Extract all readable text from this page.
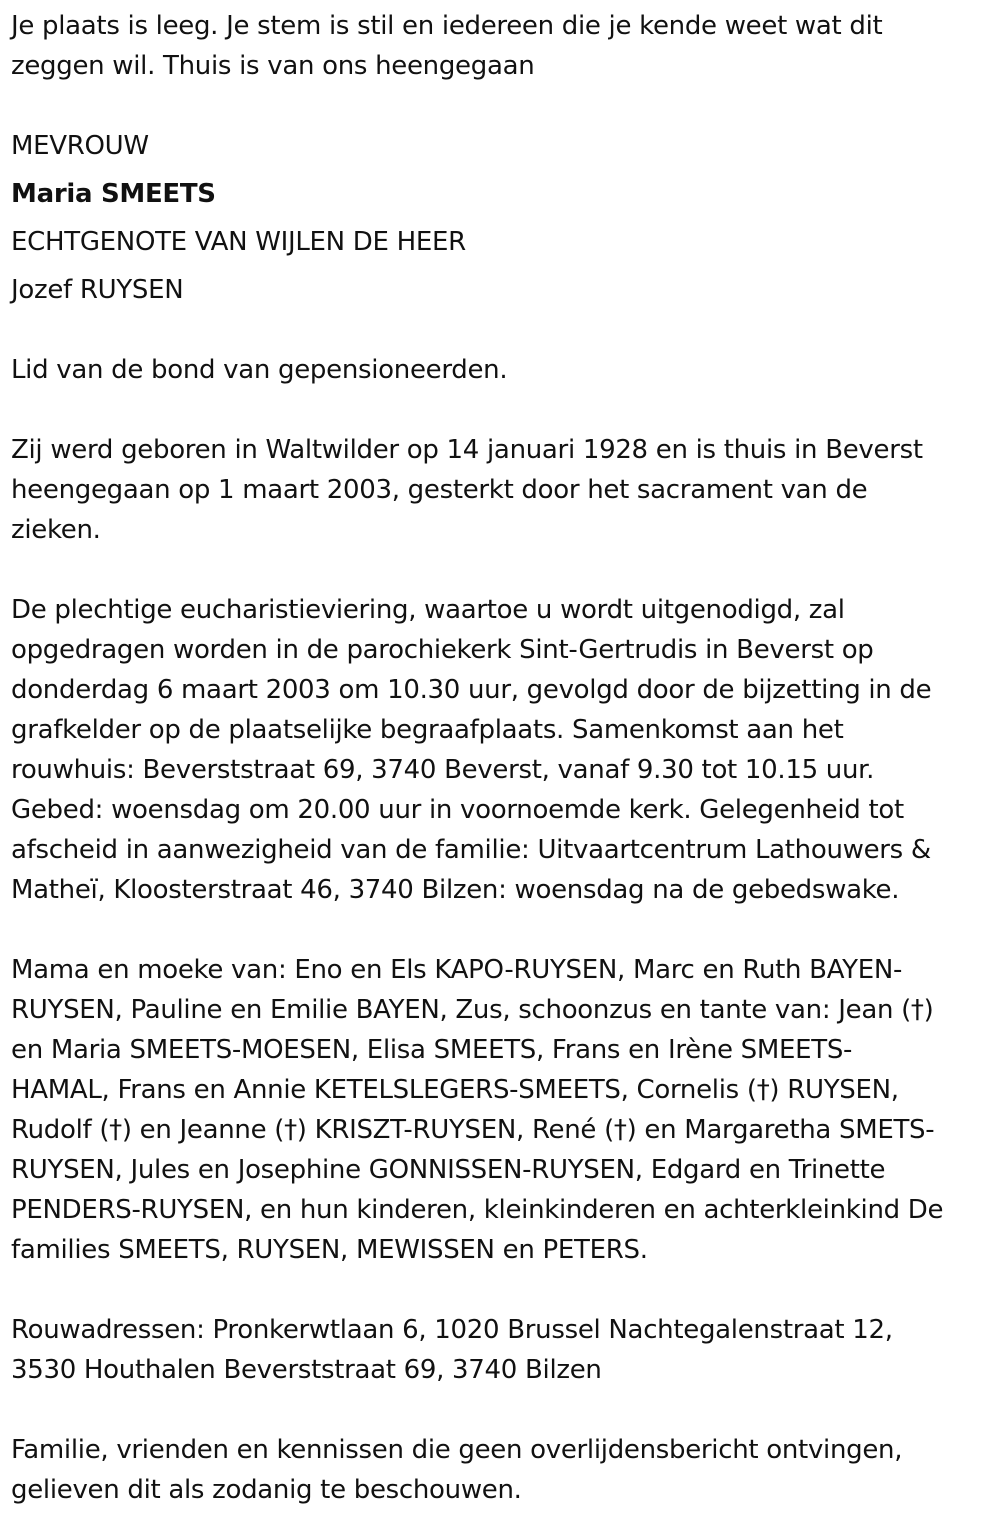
Je plaats is leeg. Je stem is stil en iedereen die je kende weet wat dit
zeggen wil. Thuis is van ons heengegaan

MEVROUW

Maria SMEETS

ECHTGENOTE VAN WIJLEN DE HEER

Jozef RUYSEN

Lid van de bond van gepensioneerden.

Zij werd geboren in Waltwilder op 14 januari 1928 en is thuis in Beverst
heengegaan op 1 maart 2003, gesterkt door het sacrament van de
zieken.

De plechtige eucharistieviering, waartoe u wordt uitgenodigd, zal
opgedragen worden in de parochiekerk Sint-Gertrudis in Beverst op
donderdag 6 maart 2003 om 10.30 uur, gevolgd door de bijzetting in de
grafkelder op de plaatselijke begraafplaats. Samenkomst aan het
rouwhuis: Beverststraat 69, 3740 Beverst, vanaf 9.30 tot 10.15 uur.
Gebed: woensdag om 20.00 uur in voornoemde kerk. Gelegenheid tot
afscheid in aanwezigheid van de familie: Uitvaartcentrum Lathouwers &
Matheï, Kloosterstraat 46, 3740 Bilzen: woensdag na de gebedswake.

Mama en moeke van: Eno en Els KAPO-RUYSEN, Marc en Ruth BAYEN-
RUYSEN, Pauline en Emilie BAYEN, Zus, schoonzus en tante van: Jean (†)
en Maria SMEETS-MOESEN, Elisa SMEETS, Frans en Irène SMEETS-
HAMAL, Frans en Annie KETELSLEGERS-SMEETS, Cornelis (†) RUYSEN,
Rudolf (†) en Jeanne (†) KRISZT-RUYSEN, René (†) en Margaretha SMETS-
RUYSEN, Jules en Josephine GONNISSEN-RUYSEN, Edgard en Trinette
PENDERS-RUYSEN, en hun kinderen, kleinkinderen en achterkleinkind De
families SMEETS, RUYSEN, MEWISSEN en PETERS.

Rouwadressen: Pronkerwtlaan 6, 1020 Brussel Nachtegalenstraat 12,
3530 Houthalen Beverststraat 69, 3740 Bilzen

Familie, vrienden en kennissen die geen overlijdensbericht ontvingen,
gelieven dit als zodanig te beschouwen.
